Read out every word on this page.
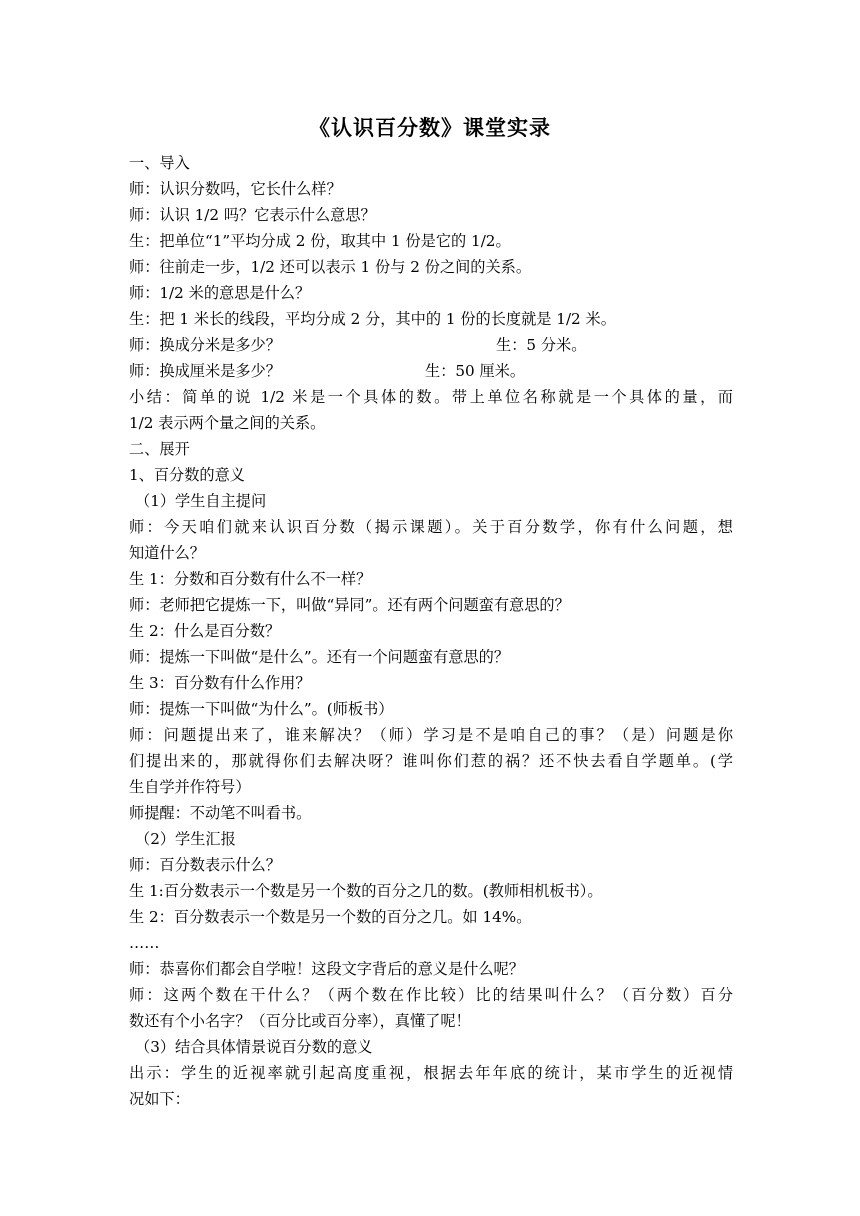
《认识百分数》课堂实录
一、导入
师：认识分数吗，它长什么样？
师：认识 1/2 吗？它表示什么意思？
生：把单位“1”平均分成 2 份，取其中 1 份是它的 1/2。
师：往前走一步，1/2 还可以表示 1 份与 2 份之间的关系。
师：1/2 米的意思是什么？
生：把 1 米长的线段，平均分成 2 分，其中的 1 份的长度就是 1/2 米。
师：换成分米是多少？	生：5 分米。
师：换成厘米是多少？	生：50 厘米。
小结：简单的说 1/2 米是一个具体的数。带上单位名称就是一个具体的量，而
1/2 表示两个量之间的关系。
二、展开
1、百分数的意义
（1）学生自主提问
师：今天咱们就来认识百分数（揭示课题）。关于百分数学，你有什么问题，想
知道什么？
生 1：分数和百分数有什么不一样？
师：老师把它提炼一下，叫做“异同”。还有两个问题蛮有意思的？
生 2：什么是百分数？
师：提炼一下叫做“是什么”。还有一个问题蛮有意思的？
生 3：百分数有什么作用？
师：提炼一下叫做“为什么”。(师板书）
师：问题提出来了，谁来解决？（师）学习是不是咱自己的事？（是）问题是你
们提出来的，那就得你们去解决呀？谁叫你们惹的祸？还不快去看自学题单。(学
生自学并作符号）
师提醒：不动笔不叫看书。
（2）学生汇报
师：百分数表示什么？
生 1:百分数表示一个数是另一个数的百分之几的数。(教师相机板书）。
生 2：百分数表示一个数是另一个数的百分之几。如 14%。
……
师：恭喜你们都会自学啦！这段文字背后的意义是什么呢？
师：这两个数在干什么？（两个数在作比较）比的结果叫什么？（百分数）百分
数还有个小名字？（百分比或百分率），真懂了呢！
（3）结合具体情景说百分数的意义
出示：学生的近视率就引起高度重视，根据去年年底的统计，某市学生的近视情
况如下：
